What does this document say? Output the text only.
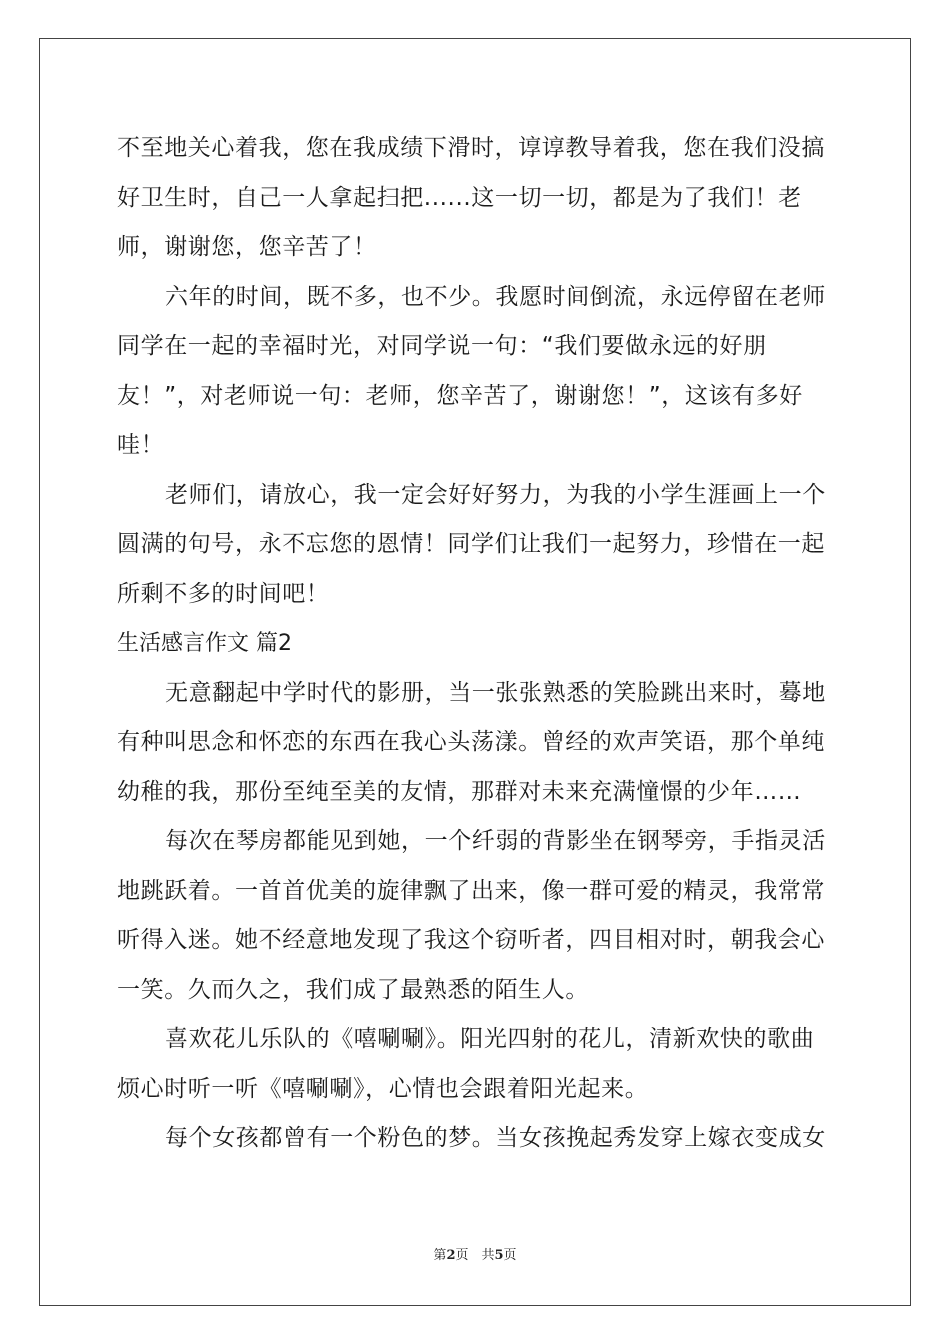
不至地关心着我，您在我成绩下滑时，谆谆教导着我，您在我们没搞
好卫生时，自己一人拿起扫把......这一切一切，都是为了我们！老
师，谢谢您，您辛苦了！
六年的时间，既不多，也不少。我愿时间倒流，永远停留在老师
同学在一起的幸福时光，对同学说一句：“我们要做永远的好朋
友！”，对老师说一句：老师，您辛苦了，谢谢您！”，这该有多好
哇！
老师们，请放心，我一定会好好努力，为我的小学生涯画上一个
圆满的句号，永不忘您的恩情！同学们让我们一起努力，珍惜在一起
所剩不多的时间吧！
生活感言作文 篇2
无意翻起中学时代的影册，当一张张熟悉的笑脸跳出来时，蓦地
有种叫思念和怀恋的东西在我心头荡漾。曾经的欢声笑语，那个单纯
幼稚的我，那份至纯至美的友情，那群对未来充满憧憬的少年……
每次在琴房都能见到她，一个纤弱的背影坐在钢琴旁，手指灵活
地跳跃着。一首首优美的旋律飘了出来，像一群可爱的精灵，我常常
听得入迷。她不经意地发现了我这个窃听者，四目相对时，朝我会心
一笑。久而久之，我们成了最熟悉的陌生人。
喜欢花儿乐队的《嘻唰唰》。阳光四射的花儿，清新欢快的歌曲
烦心时听一听《嘻唰唰》，心情也会跟着阳光起来。
每个女孩都曾有一个粉色的梦。当女孩挽起秀发穿上嫁衣变成女
第2页　共5页
